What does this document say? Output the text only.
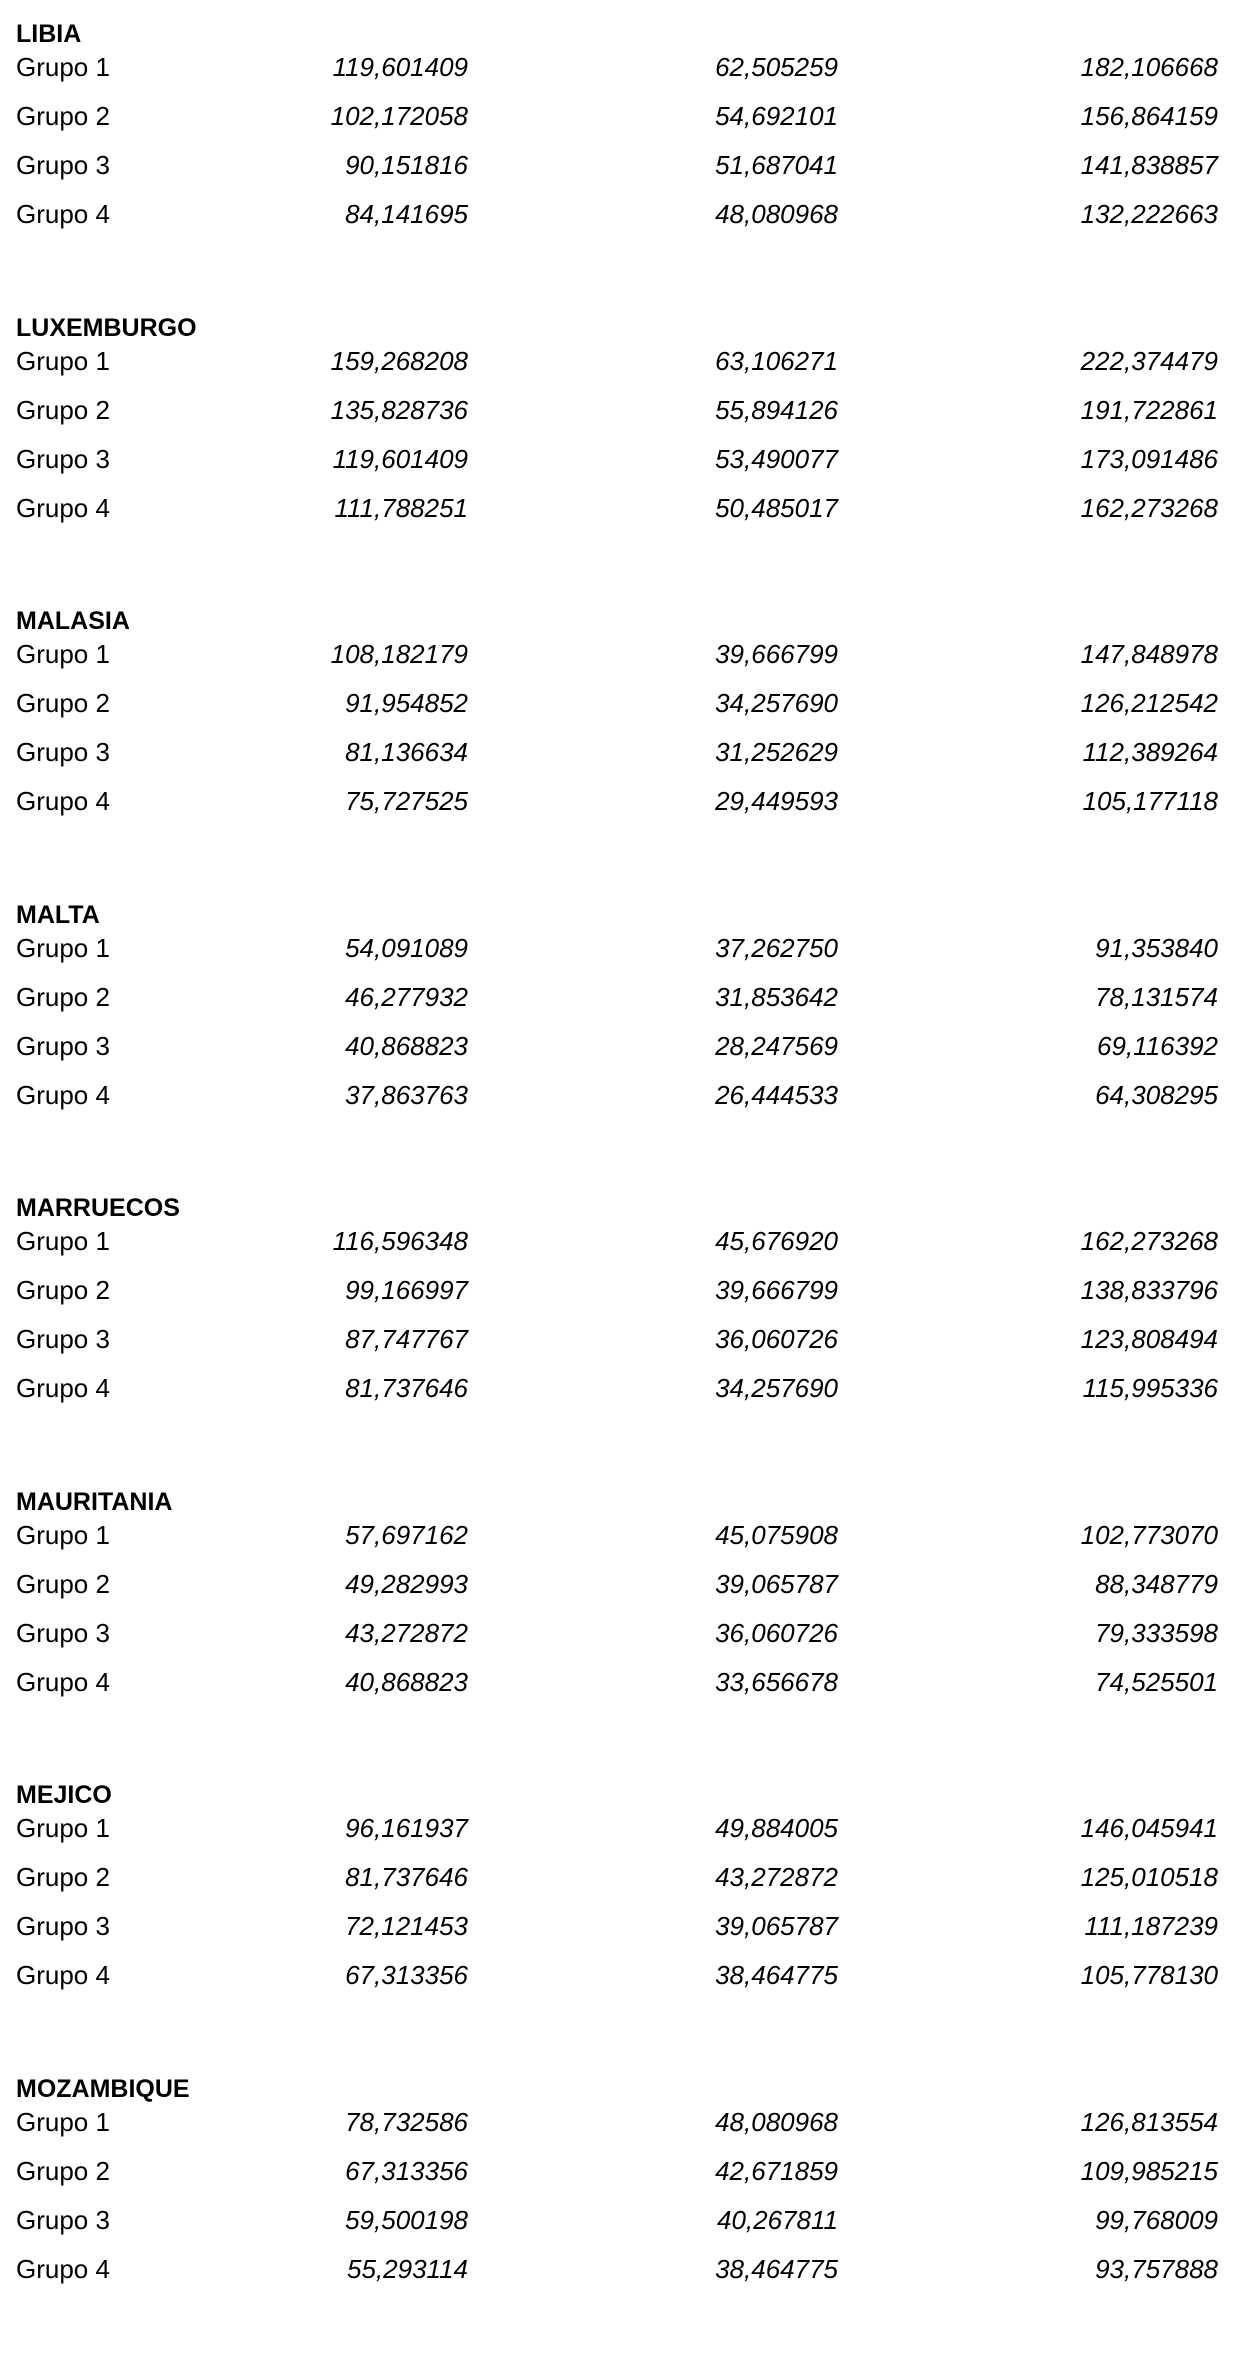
LIBIA
Grupo 1	119,601409	62,505259	182,106668
Grupo 2	102,172058	54,692101	156,864159
Grupo 3	90,151816	51,687041	141,838857
Grupo 4	84,141695	48,080968	132,222663
LUXEMBURGO
Grupo 1	159,268208	63,106271	222,374479
Grupo 2	135,828736	55,894126	191,722861
Grupo 3	119,601409	53,490077	173,091486
Grupo 4	111,788251	50,485017	162,273268
MALASIA
Grupo 1	108,182179	39,666799	147,848978
Grupo 2	91,954852	34,257690	126,212542
Grupo 3	81,136634	31,252629	112,389264
Grupo 4	75,727525	29,449593	105,177118
MALTA
Grupo 1	54,091089	37,262750	91,353840
Grupo 2	46,277932	31,853642	78,131574
Grupo 3	40,868823	28,247569	69,116392
Grupo 4	37,863763	26,444533	64,308295
MARRUECOS
Grupo 1	116,596348	45,676920	162,273268
Grupo 2	99,166997	39,666799	138,833796
Grupo 3	87,747767	36,060726	123,808494
Grupo 4	81,737646	34,257690	115,995336
MAURITANIA
Grupo 1	57,697162	45,075908	102,773070
Grupo 2	49,282993	39,065787	88,348779
Grupo 3	43,272872	36,060726	79,333598
Grupo 4	40,868823	33,656678	74,525501
MEJICO
Grupo 1	96,161937	49,884005	146,045941
Grupo 2	81,737646	43,272872	125,010518
Grupo 3	72,121453	39,065787	111,187239
Grupo 4	67,313356	38,464775	105,778130
MOZAMBIQUE
Grupo 1	78,732586	48,080968	126,813554
Grupo 2	67,313356	42,671859	109,985215
Grupo 3	59,500198	40,267811	99,768009
Grupo 4	55,293114	38,464775	93,757888
